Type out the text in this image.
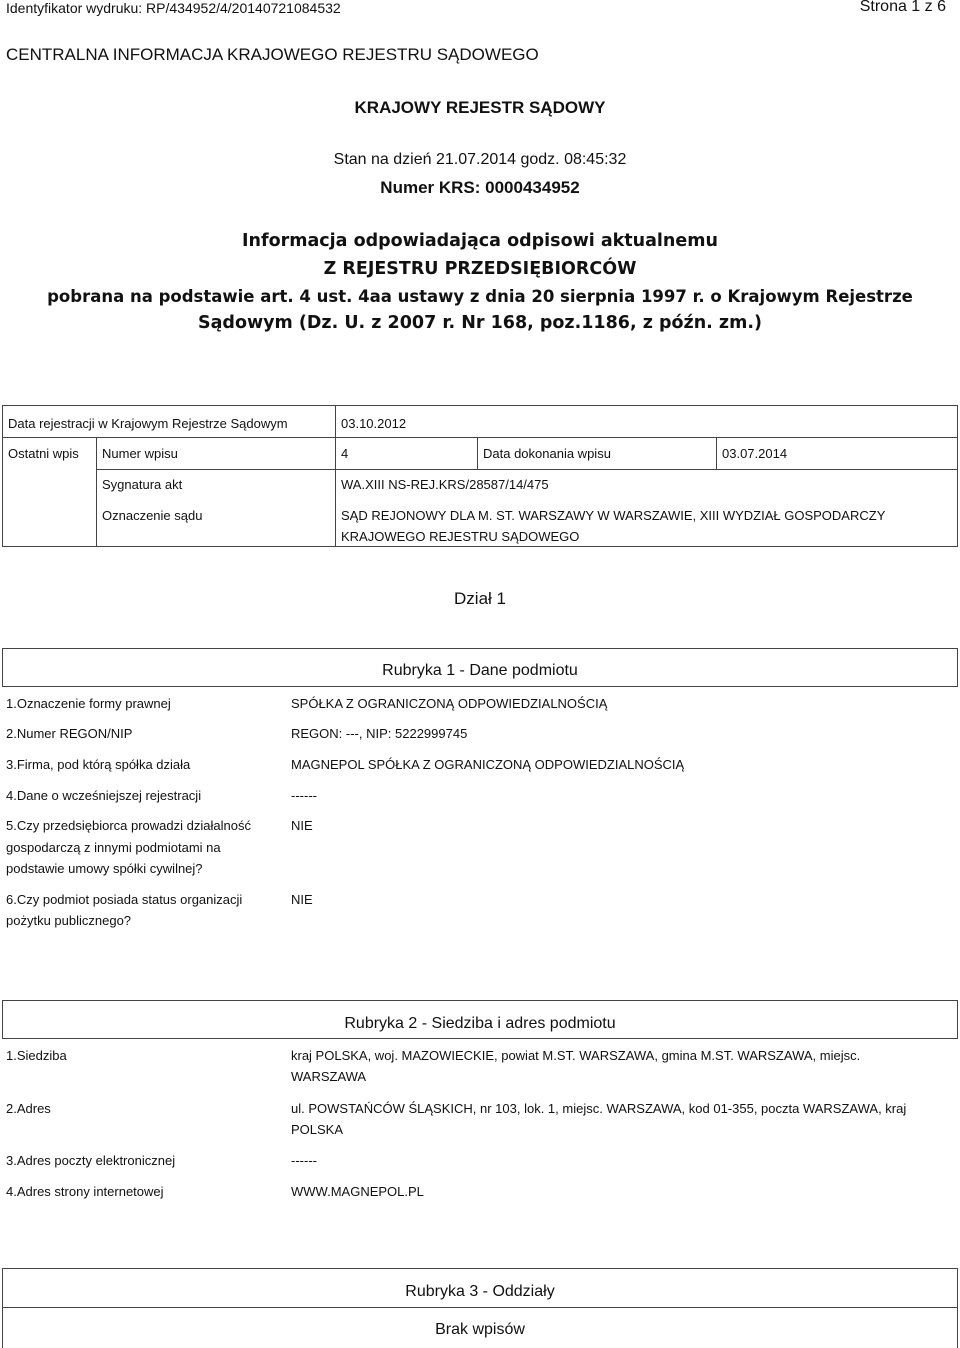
Identyfikator wydruku: RP/434952/4/20140721084532	Strona 1 z 6
CENTRALNA INFORMACJA KRAJOWEGO REJESTRU SĄDOWEGO
KRAJOWY REJESTR SĄDOWY
Stan na dzień 21.07.2014 godz. 08:45:32
Numer KRS: 0000434952
Informacja odpowiadająca odpisowi aktualnemu
Z REJESTRU PRZEDSIĘBIORCÓW
pobrana na podstawie art. 4 ust. 4aa ustawy z dnia 20 sierpnia 1997 r. o Krajowym Rejestrze
Sądowym (Dz. U. z 2007 r. Nr 168, poz.1186, z późn. zm.)
Data rejestracji w Krajowym Rejestrze Sądowym	03.10.2012
Ostatni wpis Numer wpisu	4	Data dokonania wpisu	03.07.2014
Sygnatura akt	WA.XIII NS-REJ.KRS/28587/14/475
Oznaczenie sądu	SĄD REJONOWY DLA M. ST. WARSZAWY W WARSZAWIE, XIII WYDZIAŁ GOSPODARCZY
KRAJOWEGO REJESTRU SĄDOWEGO
Dział 1
Rubryka 1 - Dane podmiotu
1.Oznaczenie formy prawnej	SPÓŁKA Z OGRANICZONĄ ODPOWIEDZIALNOŚCIĄ
2.Numer REGON/NIP	REGON: ---, NIP: 5222999745
3.Firma, pod którą spółka działa	MAGNEPOL SPÓŁKA Z OGRANICZONĄ ODPOWIEDZIALNOŚCIĄ
4.Dane o wcześniejszej rejestracji	------
5.Czy przedsiębiorca prowadzi działalność
gospodarczą z innymi podmiotami na
podstawie umowy spółki cywilnej?
NIE
6.Czy podmiot posiada status organizacji
pożytku publicznego?
NIE
Rubryka 2 - Siedziba i adres podmiotu
1.Siedziba	kraj POLSKA, woj. MAZOWIECKIE, powiat M.ST. WARSZAWA, gmina M.ST. WARSZAWA, miejsc.
WARSZAWA
2.Adres	ul. POWSTAŃCÓW ŚLĄSKICH, nr 103, lok. 1, miejsc. WARSZAWA, kod 01-355, poczta WARSZAWA, kraj
POLSKA
3.Adres poczty elektronicznej	------
4.Adres strony internetowej	WWW.MAGNEPOL.PL
Rubryka 3 - Oddziały
Brak wpisów
